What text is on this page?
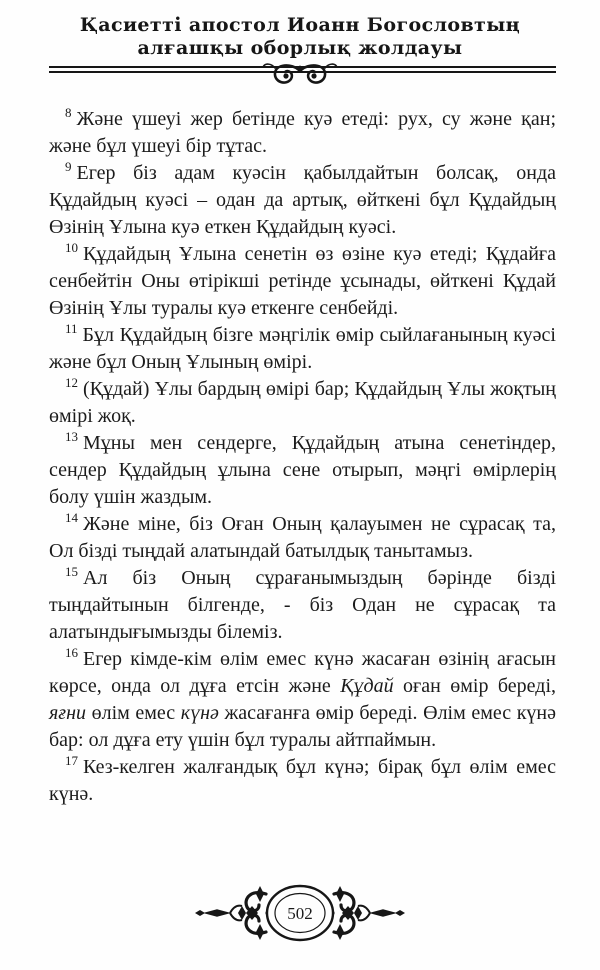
Қасиетті апостол Иоанн Богословтың
алғашқы оборлық жолдауы

$^8$ Және үшеуі жер бетінде куә етеді: рух, су және қан; және бұл үшеуі бір тұтас.

$^9$ Егер біз адам куәсін қабылдайтын болсақ, онда Құдайдың куәсі – одан да артық, өйткені бұл Құдайдың Өзінің Ұлына куә еткен Құдайдың куәсі.

$^{10}$ Құдайдың Ұлына сенетін өз өзіне куә етеді; Құдайға сенбейтін Оны өтірікші ретінде ұсынады, өйткені Құдай Өзінің Ұлы туралы куә еткенге сенбейді.

$^{11}$ Бұл Құдайдың бізге мәңгілік өмір сыйлағанының куәсі және бұл Оның Ұлының өмірі.

$^{12}$ (Құдай) Ұлы бардың өмірі бар; Құдайдың Ұлы жоқтың өмірі жоқ.

$^{13}$ Мұны мен сендерге, Құдайдың атына сенетіндер, сендер Құдайдың ұлына сене отырып, мәңгі өмірлерің болу үшін жаздым.

$^{14}$ Және міне, біз Оған Оның қалауымен не сұрасақ та, Ол бізді тыңдай алатындай батылдық танытамыз.

$^{15}$ Ал біз Оның сұрағанымыздың бәрінде бізді тыңдайтынын білгенде, - біз Одан не сұрасақ та алатындығымызды білеміз.

$^{16}$ Егер кімде-кім өлім емес күнә жасаған өзінің ағасын көрсе, онда ол дұға етсін және Құдай оған өмір береді, яғни өлім емес күнә жасағанға өмір береді. Өлім емес күнә бар: ол дұға ету үшін бұл туралы айтпаймын.

$^{17}$ Кез-келген жалғандық бұл күнә; бірақ бұл өлім емес күнә.

502
